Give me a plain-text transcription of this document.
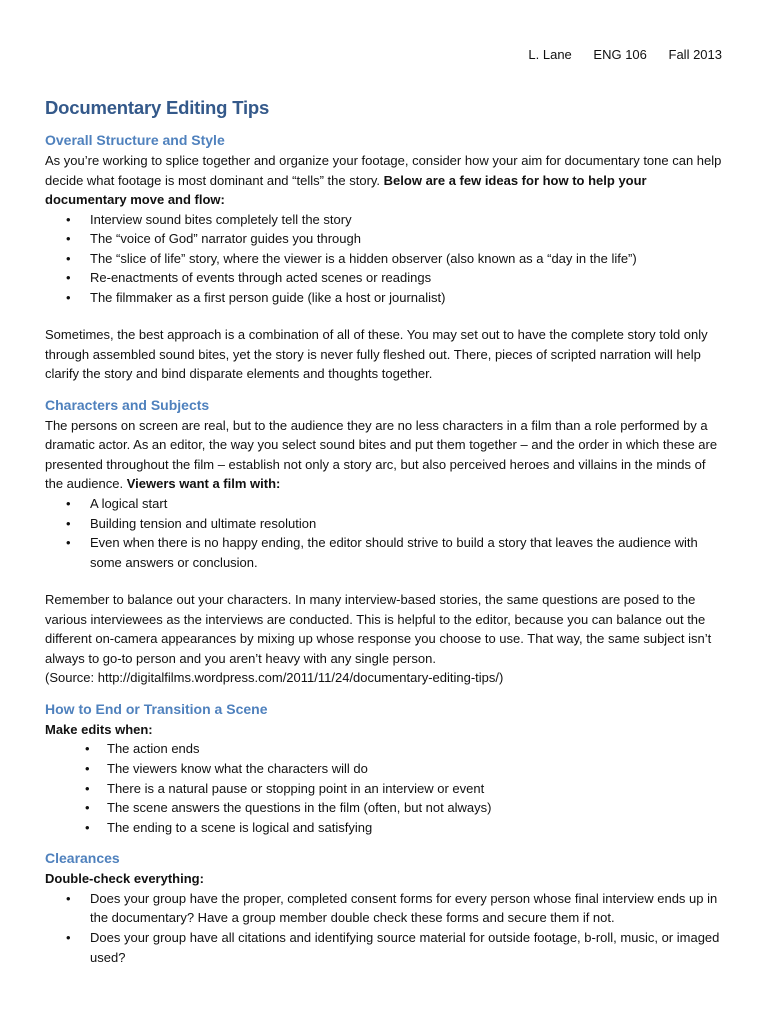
L. Lane ENG 106 Fall 2013
Documentary Editing Tips
Overall Structure and Style

As you’re working to splice together and organize your footage, consider how your aim for documentary tone can help decide what footage is most dominant and “tells” the story. Below are a few ideas for how to help your documentary move and flow:

• Interview sound bites completely tell the story
• The “voice of God” narrator guides you through
• The “slice of life” story, where the viewer is a hidden observer (also known as a “day in the life”)
• Re-enactments of events through acted scenes or readings
• The filmmaker as a first person guide (like a host or journalist)

Sometimes, the best approach is a combination of all of these. You may set out to have the complete story told only through assembled sound bites, yet the story is never fully fleshed out. There, pieces of scripted narration will help clarify the story and bind disparate elements and thoughts together.

Characters and Subjects

The persons on screen are real, but to the audience they are no less characters in a film than a role performed by a dramatic actor. As an editor, the way you select sound bites and put them together – and the order in which these are presented throughout the film – establish not only a story arc, but also perceived heroes and villains in the minds of the audience. Viewers want a film with:

• A logical start
• Building tension and ultimate resolution
• Even when there is no happy ending, the editor should strive to build a story that leaves the audience with some answers or conclusion.

Remember to balance out your characters. In many interview-based stories, the same questions are posed to the various interviewees as the interviews are conducted. This is helpful to the editor, because you can balance out the different on-camera appearances by mixing up whose response you choose to use. That way, the same subject isn’t always to go-to person and you aren’t heavy with any single person.

(Source: http://digitalfilms.wordpress.com/2011/11/24/documentary-editing-tips/)

How to End or Transition a Scene

Make edits when:

• The action ends
• The viewers know what the characters will do
• There is a natural pause or stopping point in an interview or event
• The scene answers the questions in the film (often, but not always)
• The ending to a scene is logical and satisfying
Clearances

Double-check everything:

• Does your group have the proper, completed consent forms for every person whose final interview ends up in the documentary? Have a group member double check these forms and secure them if not.
• Does your group have all citations and identifying source material for outside footage, b-roll, music, or imaged used?
